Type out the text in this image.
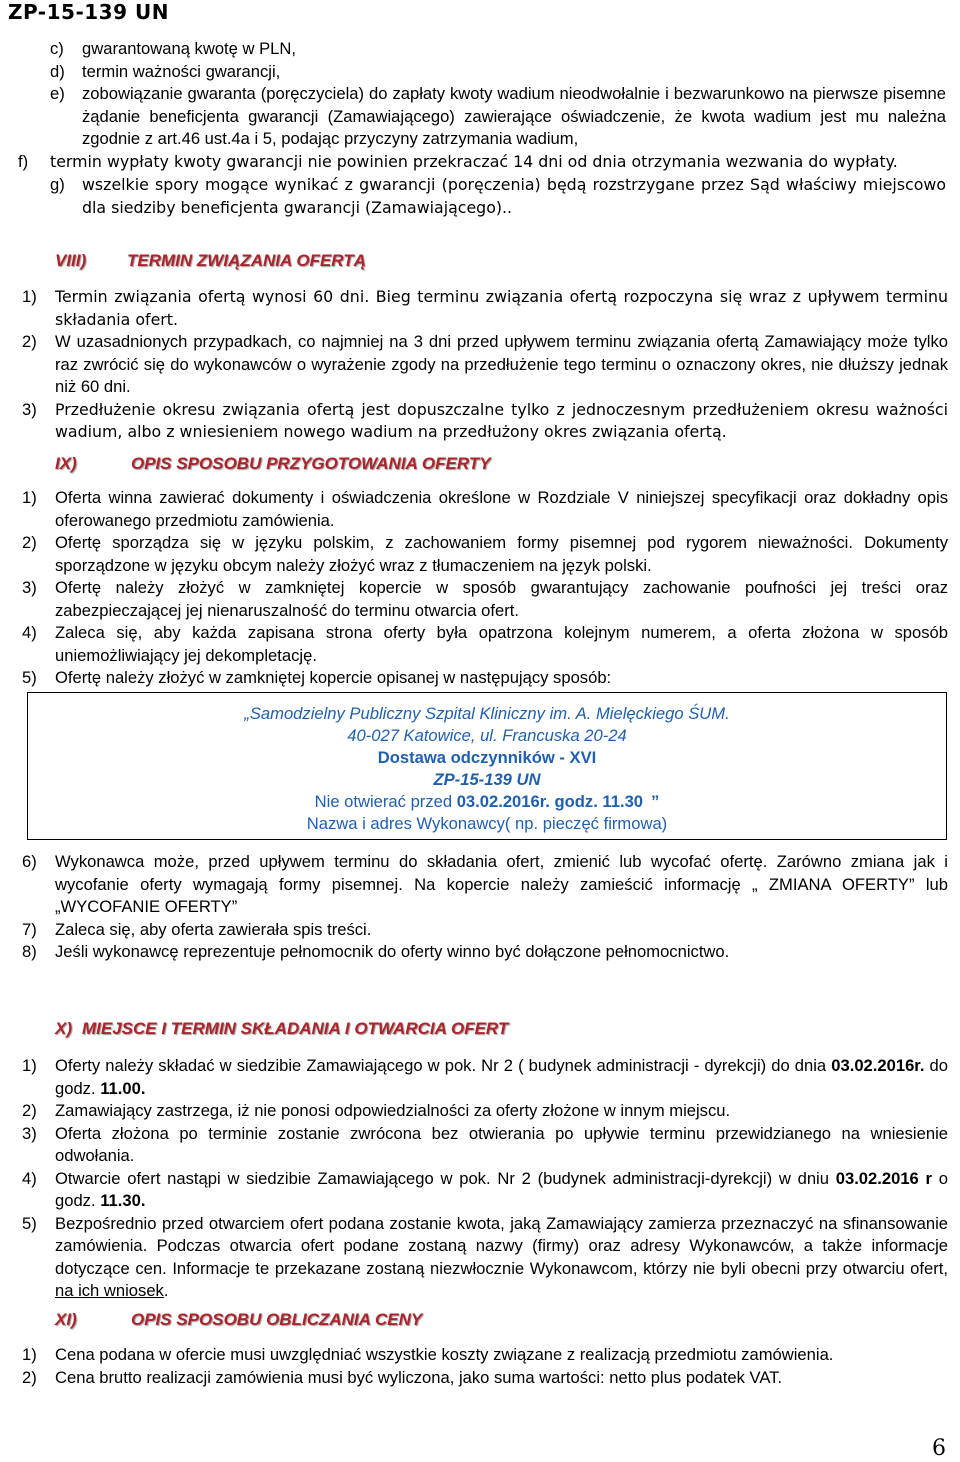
ZP-15-139 UN
c) gwarantowaną kwotę w PLN,
d) termin ważności gwarancji,
e) zobowiązanie gwaranta (poręczyciela) do zapłaty kwoty wadium nieodwołalnie i bezwarunkowo na pierwsze pisemne żądanie beneficjenta gwarancji (Zamawiającego) zawierające oświadczenie, że kwota wadium jest mu należna zgodnie z art.46 ust.4a i 5, podając przyczyny zatrzymania wadium,
f) termin wypłaty kwoty gwarancji nie powinien przekraczać 14 dni od dnia otrzymania wezwania do wypłaty.
g) wszelkie spory mogące wynikać z gwarancji (poręczenia) będą rozstrzygane przez Sąd właściwy miejscowo dla siedziby beneficjenta gwarancji (Zamawiającego)..
VIII) TERMIN ZWIĄZANIA OFERTĄ
1) Termin związania ofertą wynosi 60 dni. Bieg terminu związania ofertą rozpoczyna się wraz z upływem terminu składania ofert.
2) W uzasadnionych przypadkach, co najmniej na 3 dni przed upływem terminu związania ofertą Zamawiający może tylko raz zwrócić się do wykonawców o wyrażenie zgody na przedłużenie tego terminu o oznaczony okres, nie dłuższy jednak niż 60 dni.
3) Przedłużenie okresu związania ofertą jest dopuszczalne tylko z jednoczesnym przedłużeniem okresu ważności wadium, albo z wniesieniem nowego wadium na przedłużony okres związania ofertą.
IX)	OPIS SPOSOBU PRZYGOTOWANIA OFERTY
1) Oferta winna zawierać dokumenty i oświadczenia określone w Rozdziale V niniejszej specyfikacji oraz dokładny opis oferowanego przedmiotu zamówienia.
2) Ofertę sporządza się w języku polskim, z zachowaniem formy pisemnej pod rygorem nieważności. Dokumenty sporządzone w języku obcym należy złożyć wraz z tłumaczeniem na język polski.
3) Ofertę należy złożyć w zamkniętej kopercie w sposób gwarantujący zachowanie poufności jej treści oraz zabezpieczającej jej nienaruszalność do terminu otwarcia ofert.
4) Zaleca się, aby każda zapisana strona oferty była opatrzona kolejnym numerem, a oferta złożona w sposób uniemożliwiający jej dekompletację.
5) Ofertę należy złożyć w zamkniętej kopercie opisanej w następujący sposób:
„Samodzielny Publiczny Szpital Kliniczny im. A. Mielęckiego ŚUM.
40-027 Katowice, ul. Francuska 20-24
Dostawa odczynników - XVI
ZP-15-139 UN
Nie otwierać przed 03.02.2016r. godz. 11.30 ”
Nazwa i adres Wykonawcy( np. pieczęć firmowa)
6) Wykonawca może, przed upływem terminu do składania ofert, zmienić lub wycofać ofertę. Zarówno zmiana jak i wycofanie oferty wymagają formy pisemnej. Na kopercie należy zamieścić informację „ ZMIANA OFERTY” lub „WYCOFANIE OFERTY”
7) Zaleca się, aby oferta zawierała spis treści.
8) Jeśli wykonawcę reprezentuje pełnomocnik do oferty winno być dołączone pełnomocnictwo.
X) MIEJSCE I TERMIN SKŁADANIA I OTWARCIA OFERT
1) Oferty należy składać w siedzibie Zamawiającego w pok. Nr 2 ( budynek administracji - dyrekcji) do dnia 03.02.2016r. do godz. 11.00.
2) Zamawiający zastrzega, iż nie ponosi odpowiedzialności za oferty złożone w innym miejscu.
3) Oferta złożona po terminie zostanie zwrócona bez otwierania po upływie terminu przewidzianego na wniesienie odwołania.
4) Otwarcie ofert nastąpi w siedzibie Zamawiającego w pok. Nr 2 (budynek administracji-dyrekcji) w dniu 03.02.2016 r o godz. 11.30.
5) Bezpośrednio przed otwarciem ofert podana zostanie kwota, jaką Zamawiający zamierza przeznaczyć na sfinansowanie zamówienia. Podczas otwarcia ofert podane zostaną nazwy (firmy) oraz adresy Wykonawców, a także informacje dotyczące cen. Informacje te przekazane zostaną niezwłocznie Wykonawcom, którzy nie byli obecni przy otwarciu ofert, na ich wniosek.
XI)	OPIS SPOSOBU OBLICZANIA CENY
1) Cena podana w ofercie musi uwzględniać wszystkie koszty związane z realizacją przedmiotu zamówienia.
2) Cena brutto realizacji zamówienia musi być wyliczona, jako suma wartości: netto plus podatek VAT.
6
